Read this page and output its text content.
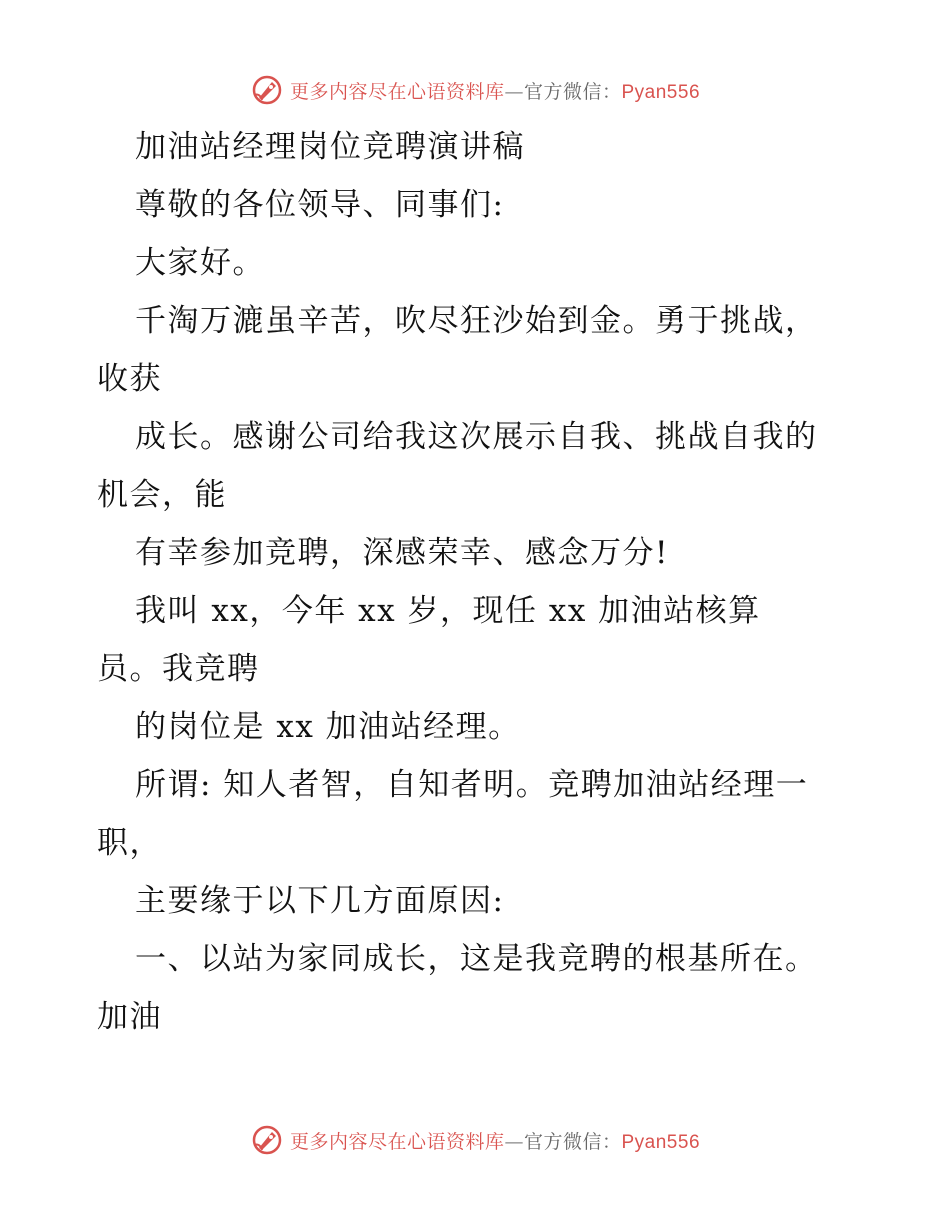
更多内容尽在心语资料库—官方微信：Pyan556
加油站经理岗位竞聘演讲稿
尊敬的各位领导、同事们:
大家好。
千淘万漉虽辛苦，吹尽狂沙始到金。勇于挑战，
收获
成长。感谢公司给我这次展示自我、挑战自我的
机会，能
有幸参加竞聘，深感荣幸、感念万分!
我叫 xx，今年 xx 岁，现任 xx 加油站核算
员。我竞聘
的岗位是 xx 加油站经理。
所谓: 知人者智，自知者明。竞聘加油站经理一
职，
主要缘于以下几方面原因:
一、以站为家同成长，这是我竞聘的根基所在。
加油
更多内容尽在心语资料库—官方微信：Pyan556
